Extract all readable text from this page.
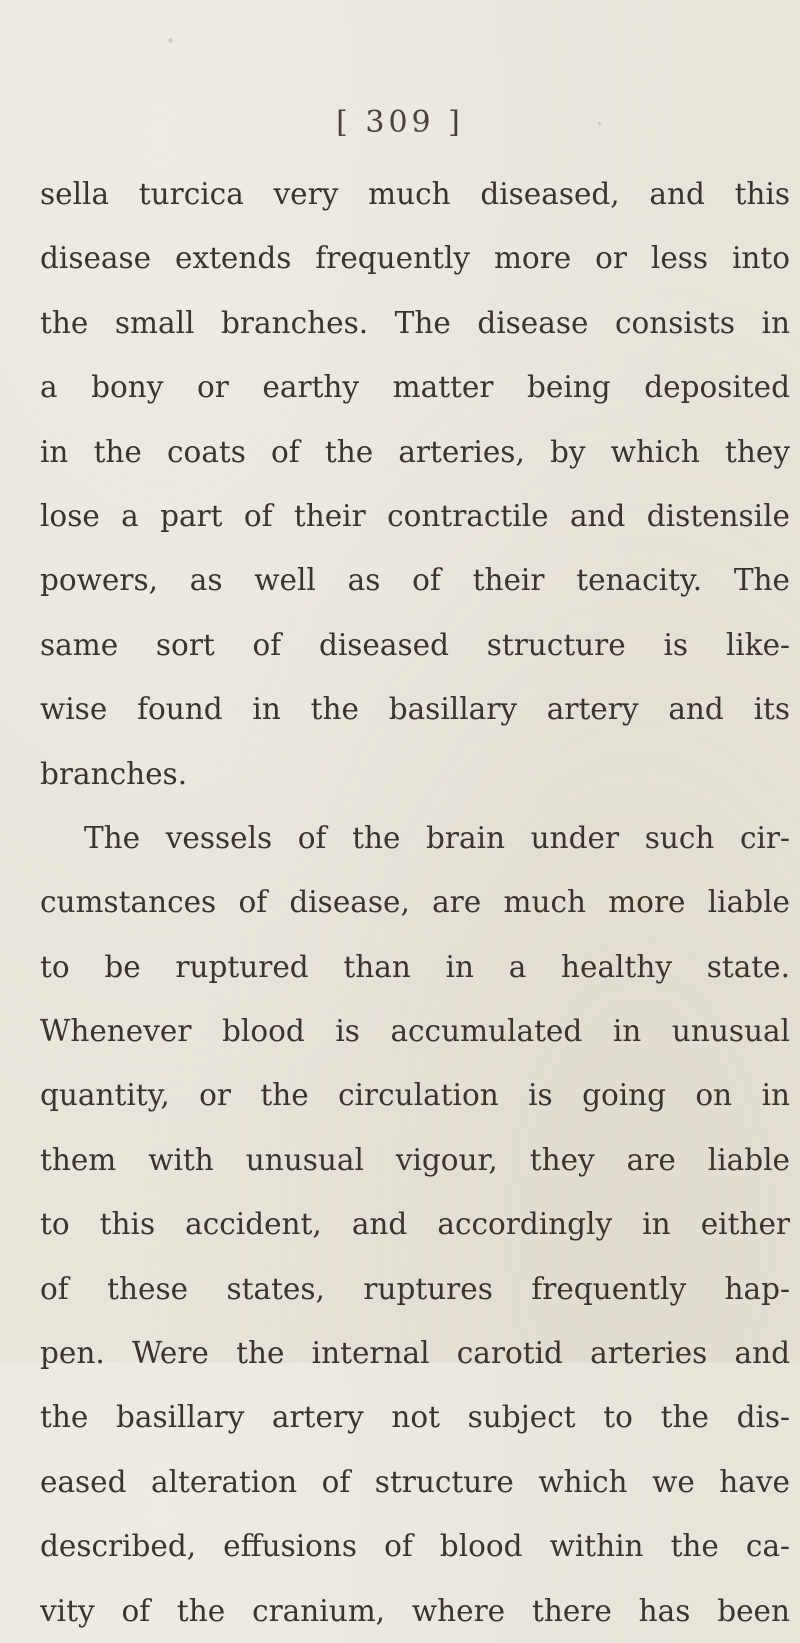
[ 309 ]
sella turcica very much diseased, and this
disease extends frequently more or less into
the small branches. The disease consists in
a bony or earthy matter being deposited
in the coats of the arteries, by which they
lose a part of their contractile and distensile
powers, as well as of their tenacity. The
same sort of diseased structure is like-
wise found in the basillary artery and its
branches.
The vessels of the brain under such cir-
cumstances of disease, are much more liable
to be ruptured than in a healthy state.
Whenever blood is accumulated in unusual
quantity, or the circulation is going on in
them with unusual vigour, they are liable
to this accident, and accordingly in either
of these states, ruptures frequently hap-
pen. Were the internal carotid arteries and
the basillary artery not subject to the dis-
eased alteration of structure which we have
described, effusions of blood within the ca-
vity of the cranium, where there has been
